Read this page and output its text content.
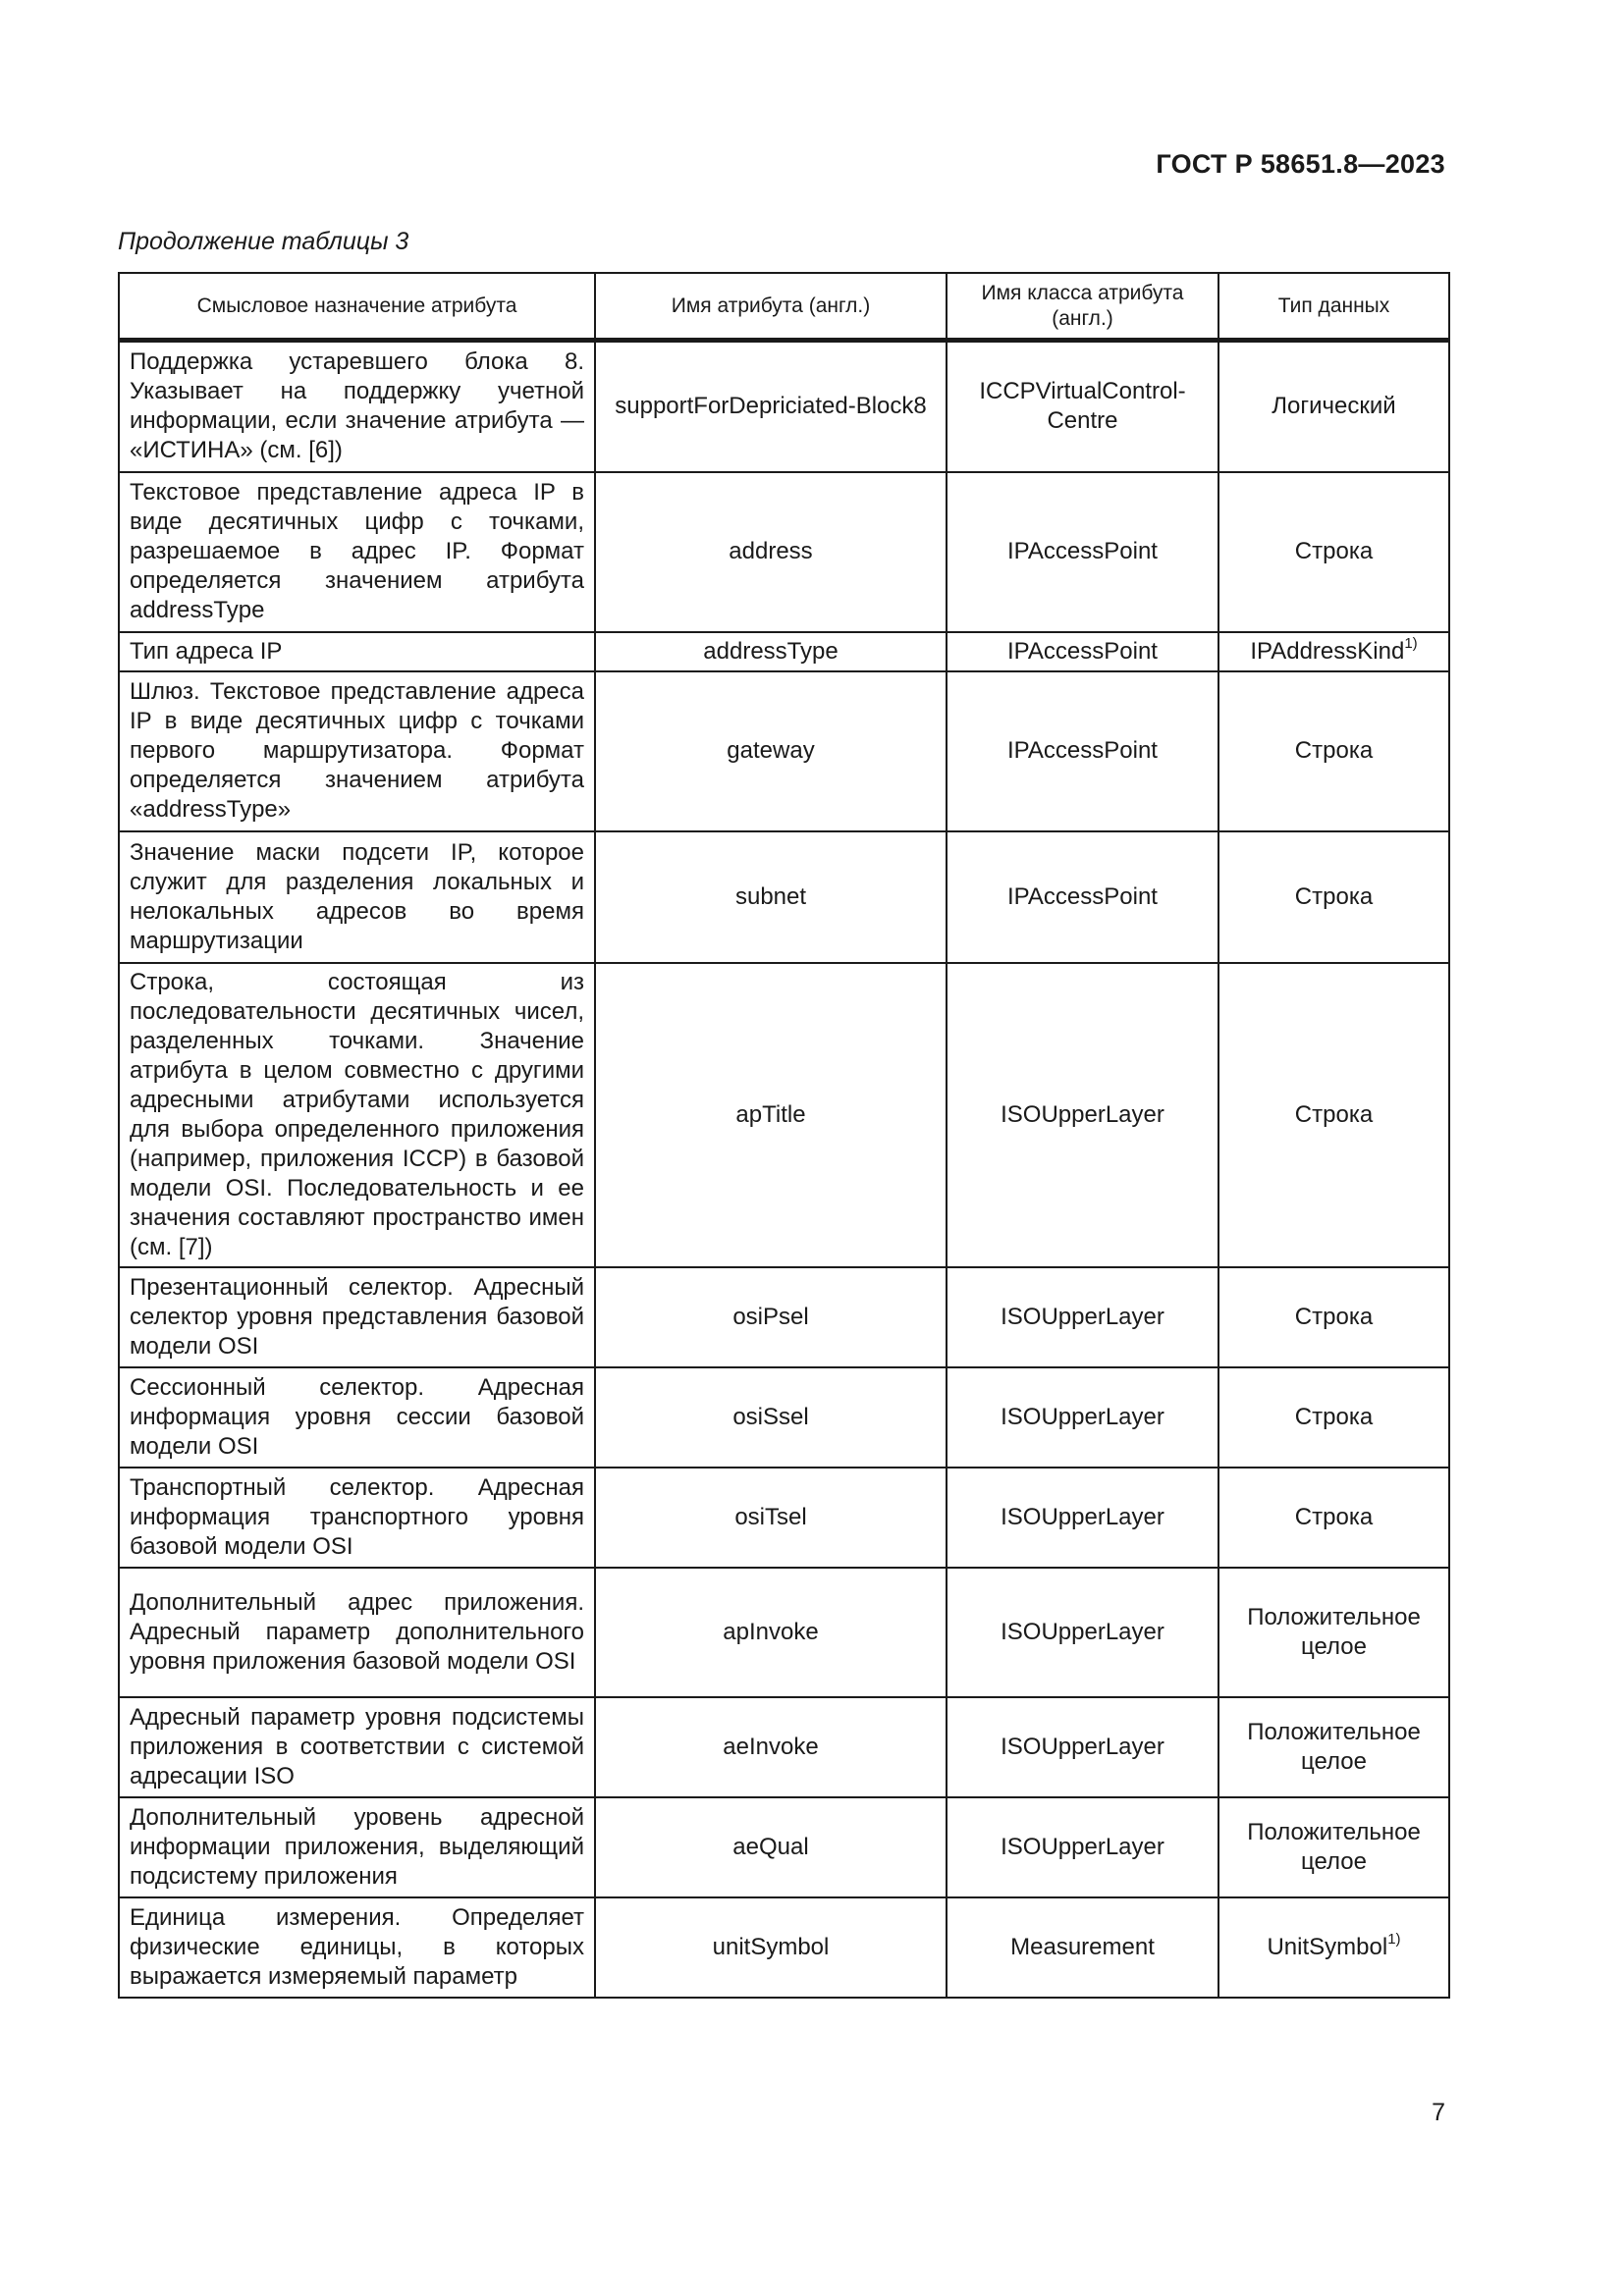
ГОСТ Р 58651.8—2023
Продолжение таблицы 3
Смысловое назначение атрибута	Имя атрибута (англ.)	Имя класса атрибута (англ.)	Тип данных
Поддержка устаревшего блока 8. Указывает на поддержку учетной информации, если значение атрибута — «ИСТИНА» (см. [6])	supportForDepriciated-Block8	ICCPVirtualControl-Centre	Логический
Текстовое представление адреса IP в виде десятичных цифр с точками, разрешаемое в адрес IP. Формат определяется значением атрибута addressType	address	IPAccessPoint	Строка
Тип адреса IP	addressType	IPAccessPoint	IPAddressKind$^{1)}$
Шлюз. Текстовое представление адреса IP в виде десятичных цифр с точками первого маршрутизатора. Формат определяется значением атрибута «addressType»	gateway	IPAccessPoint	Строка
Значение маски подсети IP, которое служит для разделения локальных и нелокальных адресов во время маршрутизации	subnet	IPAccessPoint	Строка
Строка, состоящая из последовательности десятичных чисел, разделенных точками. Значение атрибута в целом совместно с другими адресными атрибутами используется для выбора определенного приложения (например, приложения ICCP) в базовой модели OSI. Последовательность и ее значения составляют пространство имен (см. [7])	apTitle	ISOUpperLayer	Строка
Презентационный селектор. Адресный селектор уровня представления базовой модели OSI	osiPsel	ISOUpperLayer	Строка
Сессионный селектор. Адресная информация уровня сессии базовой модели OSI	osiSsel	ISOUpperLayer	Строка
Транспортный селектор. Адресная информация транспортного уровня базовой модели OSI	osiTsel	ISOUpperLayer	Строка
Дополнительный адрес приложения. Адресный параметр дополнительного уровня приложения базовой модели OSI	apInvoke	ISOUpperLayer	Положительное целое
Адресный параметр уровня подсистемы приложения в соответствии с системой адресации ISO	aeInvoke	ISOUpperLayer	Положительное целое
Дополнительный уровень адресной информации приложения, выделяющий подсистему приложения	aeQual	ISOUpperLayer	Положительное целое
Единица измерения. Определяет физические единицы, в которых выражается измеряемый параметр	unitSymbol	Measurement	UnitSymbol$^{1)}$
7
